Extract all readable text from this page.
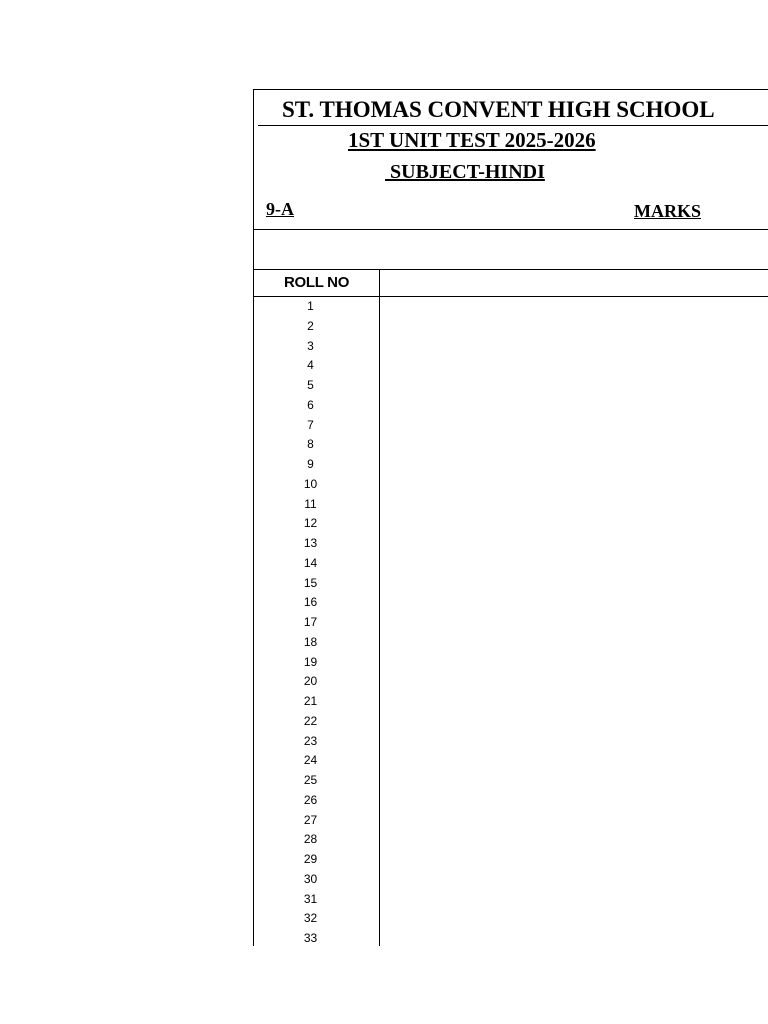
ST. THOMAS CONVENT HIGH SCHOOL
1ST UNIT TEST 2025-2026
SUBJECT-HINDI
9-A	MARKS
ROLL NO
1
2
3
4
5
6
7
8
9
10
11
12
13
14
15
16
17
18
19
20
21
22
23
24
25
26
27
28
29
30
31
32
33
